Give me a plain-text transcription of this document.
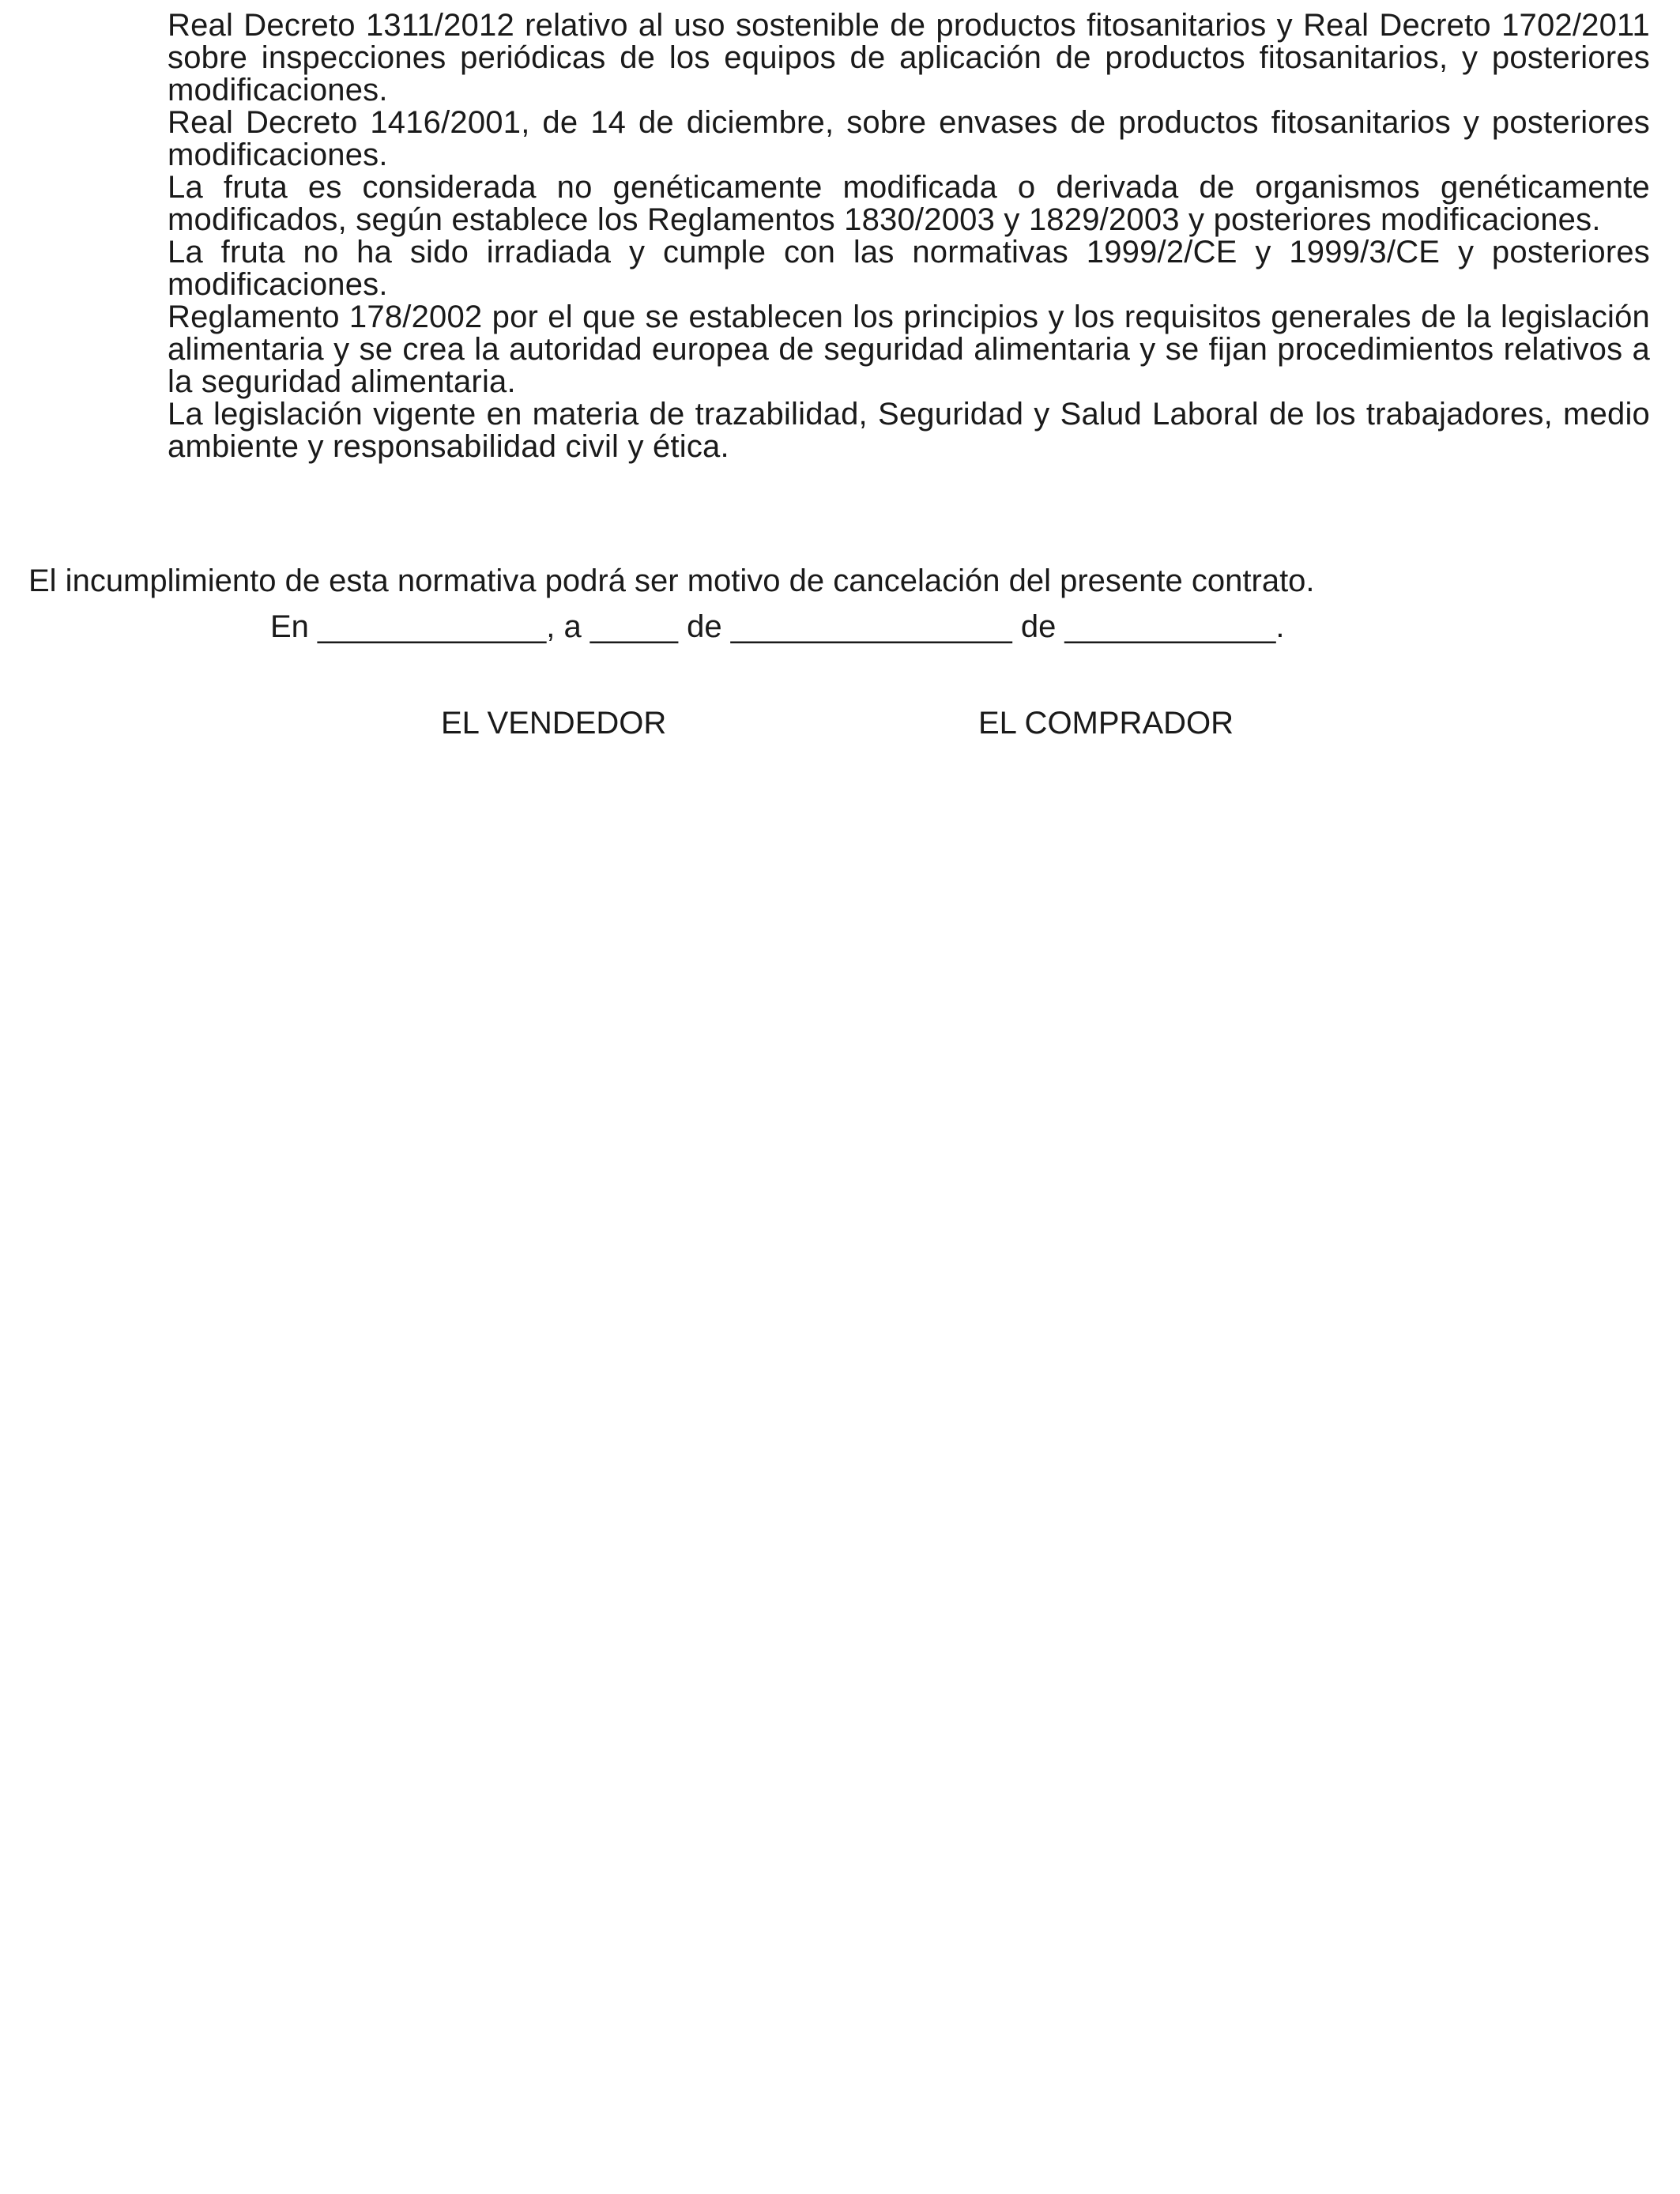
Real Decreto 1311/2012 relativo al uso sostenible de productos fitosanitarios y Real Decreto 1702/2011 sobre inspecciones periódicas de los equipos de aplicación de productos fitosanitarios, y posteriores modificaciones.

Real Decreto 1416/2001, de 14 de diciembre, sobre envases de productos fitosanitarios y posteriores modificaciones.

La fruta es considerada no genéticamente modificada o derivada de organismos genéticamente modificados, según establece los Reglamentos 1830/2003 y 1829/2003 y posteriores modificaciones.

La fruta no ha sido irradiada y cumple con las normativas 1999/2/CE y 1999/3/CE y posteriores modificaciones.

Reglamento 178/2002 por el que se establecen los principios y los requisitos generales de la legislación alimentaria y se crea la autoridad europea de seguridad alimentaria y se fijan procedimientos relativos a la seguridad alimentaria.

La legislación vigente en materia de trazabilidad, Seguridad y Salud Laboral de los trabajadores, medio ambiente y responsabilidad civil y ética.

El incumplimiento de esta normativa podrá ser motivo de cancelación del presente contrato.
En _____________, a _____ de ________________ de ____________.
EL VENDEDOR	EL COMPRADOR
